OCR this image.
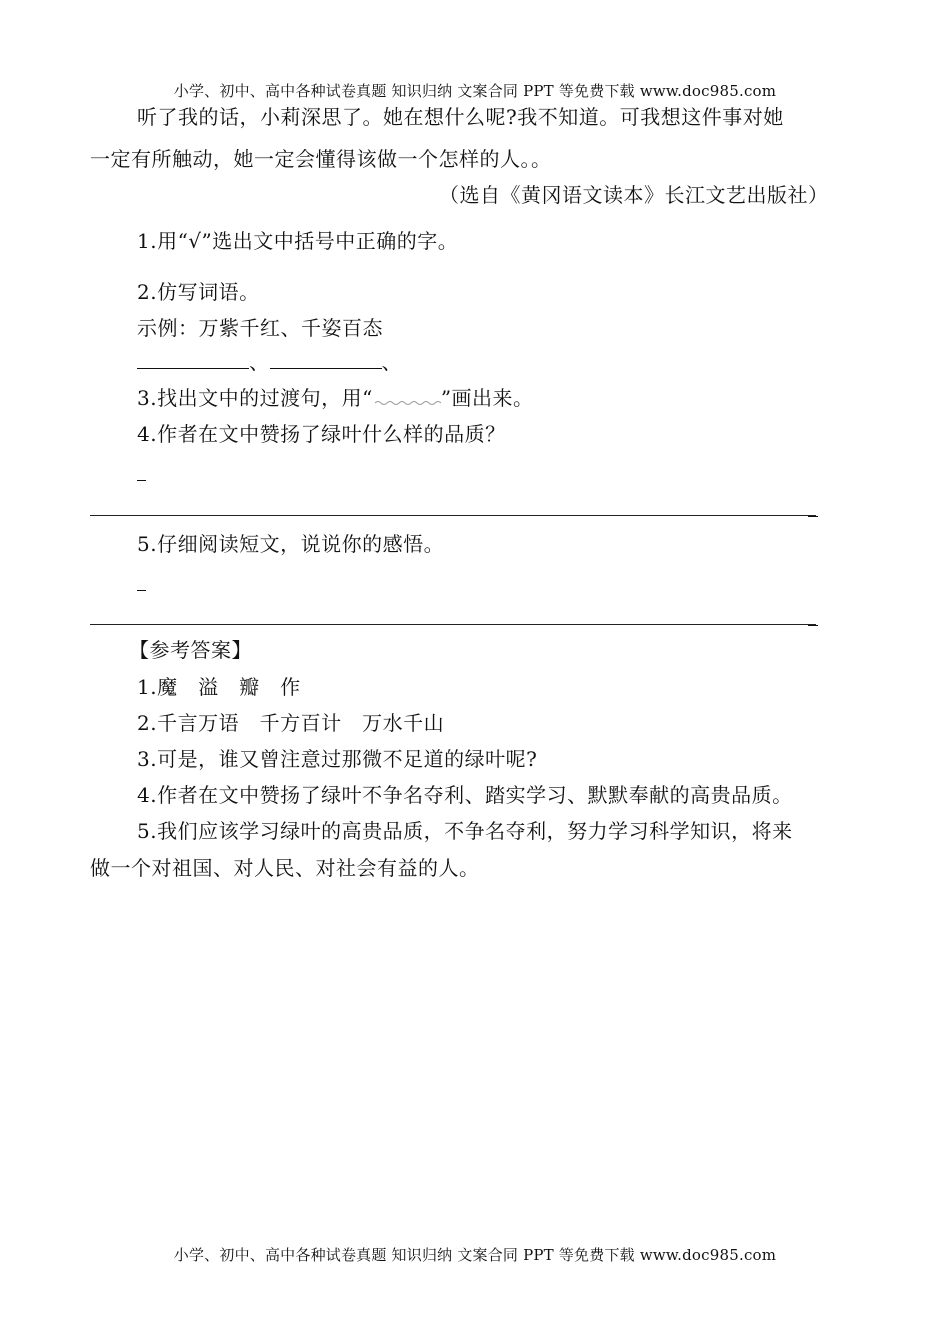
小学、初中、高中各种试卷真题 知识归纳 文案合同 PPT 等免费下载 www.doc985.com
听了我的话，小莉深思了。她在想什么呢?我不知道。可我想这件事对她
一定有所触动，她一定会懂得该做一个怎样的人。。
（选自《黄冈语文读本》长江文艺出版社）
1.用“√”选出文中括号中正确的字。
2.仿写词语。
示例：万紫千红、千姿百态
、	、
3.找出文中的过渡句，用“	”画出来。
4.作者在文中赞扬了绿叶什么样的品质？
5.仔细阅读短文，说说你的感悟。
【参考答案】
1.魔　溢　瓣　作
2.千言万语　千方百计　万水千山
3.可是，谁又曾注意过那微不足道的绿叶呢?
4.作者在文中赞扬了绿叶不争名夺利、踏实学习、默默奉献的高贵品质。
5.我们应该学习绿叶的高贵品质，不争名夺利，努力学习科学知识，将来
做一个对祖国、对人民、对社会有益的人。
小学、初中、高中各种试卷真题 知识归纳 文案合同 PPT 等免费下载 www.doc985.com
